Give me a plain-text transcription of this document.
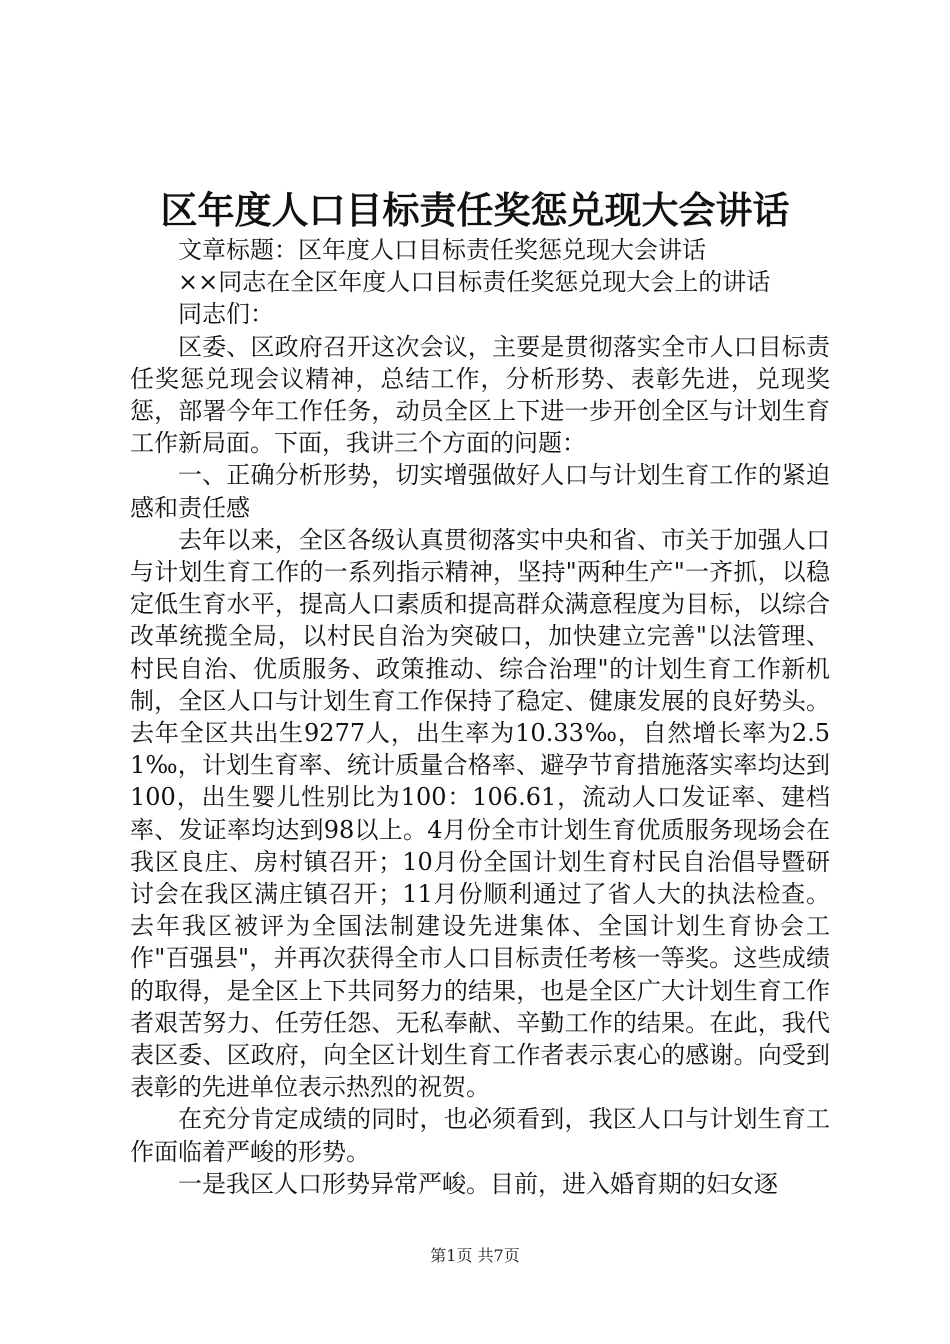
区年度人口目标责任奖惩兑现大会讲话

文章标题：区年度人口目标责任奖惩兑现大会讲话

××同志在全区年度人口目标责任奖惩兑现大会上的讲话

同志们：

区委、区政府召开这次会议，主要是贯彻落实全市人口目标责任奖惩兑现会议精神，总结工作，分析形势、表彰先进，兑现奖惩，部署今年工作任务，动员全区上下进一步开创全区与计划生育工作新局面。下面，我讲三个方面的问题：

一、正确分析形势，切实增强做好人口与计划生育工作的紧迫感和责任感

去年以来，全区各级认真贯彻落实中央和省、市关于加强人口与计划生育工作的一系列指示精神，坚持"两种生产"一齐抓，以稳定低生育水平，提高人口素质和提高群众满意程度为目标，以综合改革统揽全局，以村民自治为突破口，加快建立完善"以法管理、村民自治、优质服务、政策推动、综合治理"的计划生育工作新机制，全区人口与计划生育工作保持了稳定、健康发展的良好势头。去年全区共出生9277人，出生率为10.33‰，自然增长率为2.51‰，计划生育率、统计质量合格率、避孕节育措施落实率均达到100，出生婴儿性别比为100：106.61，流动人口发证率、建档率、发证率均达到98以上。4月份全市计划生育优质服务现场会在我区良庄、房村镇召开；10月份全国计划生育村民自治倡导暨研讨会在我区满庄镇召开；11月份顺利通过了省人大的执法检查。去年我区被评为全国法制建设先进集体、全国计划生育协会工作"百强县"，并再次获得全市人口目标责任考核一等奖。这些成绩的取得，是全区上下共同努力的结果，也是全区广大计划生育工作者艰苦努力、任劳任怨、无私奉献、辛勤工作的结果。在此，我代表区委、区政府，向全区计划生育工作者表示衷心的感谢。向受到表彰的先进单位表示热烈的祝贺。

在充分肯定成绩的同时，也必须看到，我区人口与计划生育工作面临着严峻的形势。

一是我区人口形势异常严峻。目前，进入婚育期的妇女逐

第1页 共7页
